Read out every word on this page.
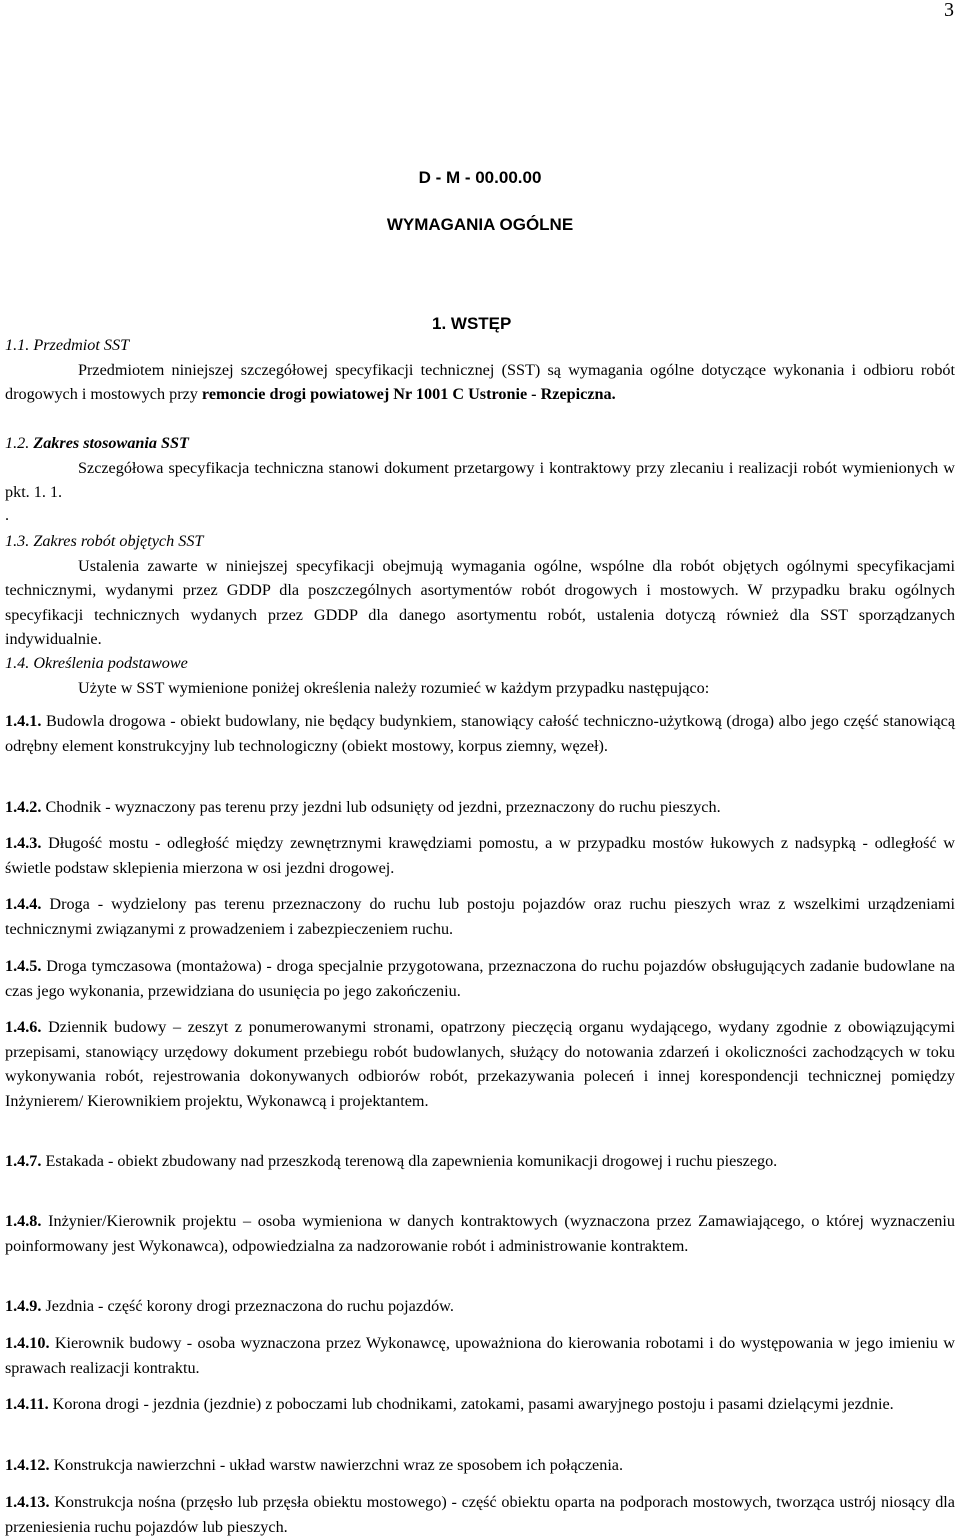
3
D - M - 00.00.00
WYMAGANIA OGÓLNE
1. WSTĘP

1.1. Przedmiot SST

Przedmiotem niniejszej szczegółowej specyfikacji technicznej (SST) są wymagania ogólne dotyczące wykonania i odbioru robót drogowych i mostowych przy remoncie drogi powiatowej Nr 1001 C Ustronie - Rzepiczna.

1.2. Zakres stosowania SST

Szczegółowa specyfikacja techniczna stanowi dokument przetargowy i kontraktowy przy zlecaniu i realizacji robót wymienionych w pkt. 1. 1.

.

1.3. Zakres robót objętych SST

Ustalenia zawarte w niniejszej specyfikacji obejmują wymagania ogólne, wspólne dla robót objętych ogólnymi specyfikacjami technicznymi, wydanymi przez GDDP dla poszczególnych asortymentów robót drogowych i mostowych. W przypadku braku ogólnych specyfikacji technicznych wydanych przez GDDP dla danego asortymentu robót, ustalenia dotyczą również dla SST sporządzanych indywidualnie.

1.4. Określenia podstawowe

Użyte w SST wymienione poniżej określenia należy rozumieć w każdym przypadku następująco:

1.4.1. Budowla drogowa - obiekt budowlany, nie będący budynkiem, stanowiący całość techniczno-użytkową (droga) albo jego część stanowiącą odrębny element konstrukcyjny lub technologiczny (obiekt mostowy, korpus ziemny, węzeł).

1.4.2. Chodnik - wyznaczony pas terenu przy jezdni lub odsunięty od jezdni, przeznaczony do ruchu pieszych.

1.4.3. Długość mostu - odległość między zewnętrznymi krawędziami pomostu, a w przypadku mostów łukowych z nadsypką - odległość w świetle podstaw sklepienia mierzona w osi jezdni drogowej.

1.4.4. Droga - wydzielony pas terenu przeznaczony do ruchu lub postoju pojazdów oraz ruchu pieszych wraz z wszelkimi urządzeniami technicznymi związanymi z prowadzeniem i zabezpieczeniem ruchu.

1.4.5. Droga tymczasowa (montażowa) - droga specjalnie przygotowana, przeznaczona do ruchu pojazdów obsługujących zadanie budowlane na czas jego wykonania, przewidziana do usunięcia po jego zakończeniu.

1.4.6. Dziennik budowy – zeszyt z ponumerowanymi stronami, opatrzony pieczęcią organu wydającego, wydany zgodnie z obowiązującymi przepisami, stanowiący urzędowy dokument przebiegu robót budowlanych, służący do notowania zdarzeń i okoliczności zachodzących w toku wykonywania robót, rejestrowania dokonywanych odbiorów robót, przekazywania poleceń i innej korespondencji technicznej pomiędzy Inżynierem/ Kierownikiem projektu, Wykonawcą i projektantem.

1.4.7. Estakada - obiekt zbudowany nad przeszkodą terenową dla zapewnienia komunikacji drogowej i ruchu pieszego.

1.4.8. Inżynier/Kierownik projektu – osoba wymieniona w danych kontraktowych (wyznaczona przez Zamawiającego, o której wyznaczeniu poinformowany jest Wykonawca), odpowiedzialna za nadzorowanie robót i administrowanie kontraktem.

1.4.9. Jezdnia - część korony drogi przeznaczona do ruchu pojazdów.

1.4.10. Kierownik budowy - osoba wyznaczona przez Wykonawcę, upoważniona do kierowania robotami i do występowania w jego imieniu w sprawach realizacji kontraktu.

1.4.11. Korona drogi - jezdnia (jezdnie) z poboczami lub chodnikami, zatokami, pasami awaryjnego postoju i pasami dzielącymi jezdnie.

1.4.12. Konstrukcja nawierzchni - układ warstw nawierzchni wraz ze sposobem ich połączenia.

1.4.13. Konstrukcja nośna (przęsło lub przęsła obiektu mostowego) - część obiektu oparta na podporach mostowych, tworząca ustrój niosący dla przeniesienia ruchu pojazdów lub pieszych.
